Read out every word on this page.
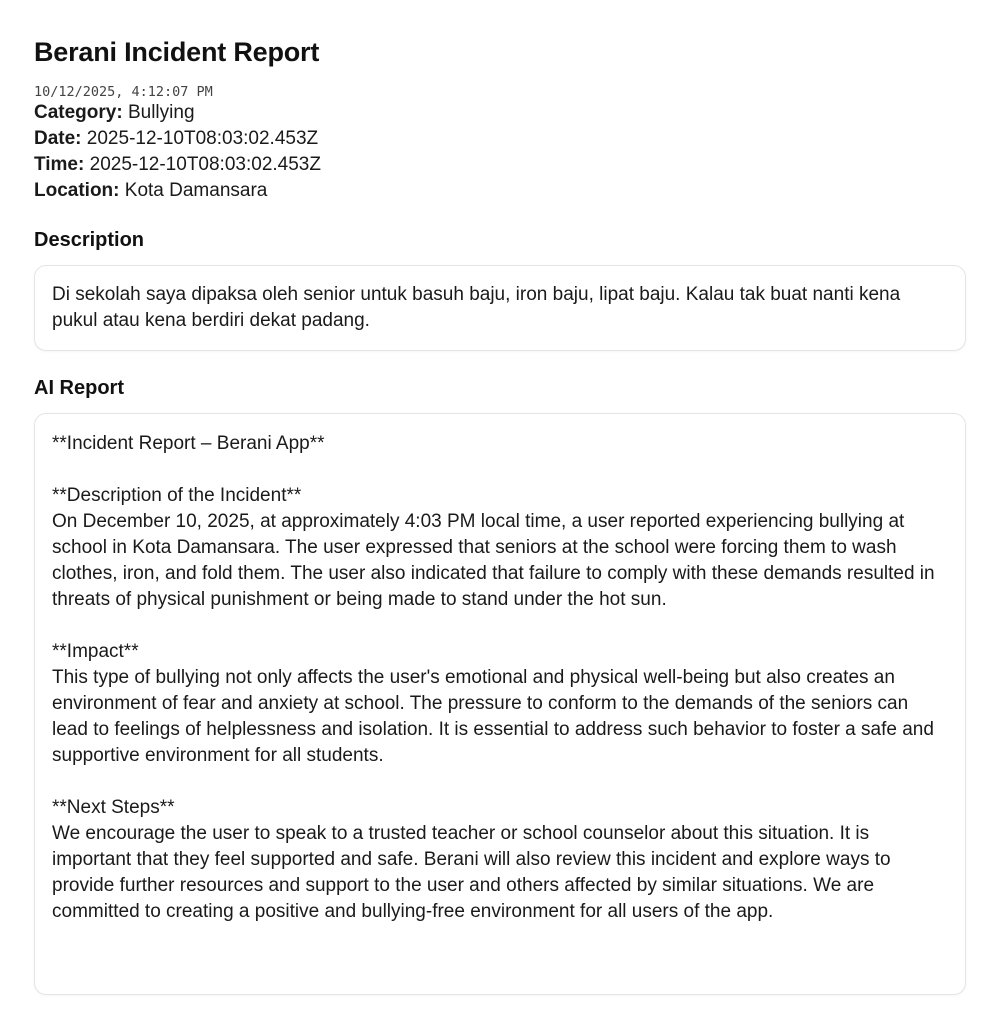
Berani Incident Report
10/12/2025, 4:12:07 PM
Category: Bullying
Date: 2025-12-10T08:03:02.453Z
Time: 2025-12-10T08:03:02.453Z
Location: Kota Damansara
Description
Di sekolah saya dipaksa oleh senior untuk basuh baju, iron baju, lipat baju. Kalau tak buat nanti kena pukul atau kena berdiri dekat padang.
AI Report
**Incident Report – Berani App**
**Description of the Incident**
On December 10, 2025, at approximately 4:03 PM local time, a user reported experiencing bullying at school in Kota Damansara. The user expressed that seniors at the school were forcing them to wash clothes, iron, and fold them. The user also indicated that failure to comply with these demands resulted in threats of physical punishment or being made to stand under the hot sun.
**Impact**
This type of bullying not only affects the user's emotional and physical well-being but also creates an environment of fear and anxiety at school. The pressure to conform to the demands of the seniors can lead to feelings of helplessness and isolation. It is essential to address such behavior to foster a safe and supportive environment for all students.
**Next Steps**
We encourage the user to speak to a trusted teacher or school counselor about this situation. It is important that they feel supported and safe. Berani will also review this incident and explore ways to provide further resources and support to the user and others affected by similar situations. We are committed to creating a positive and bullying-free environment for all users of the app.
